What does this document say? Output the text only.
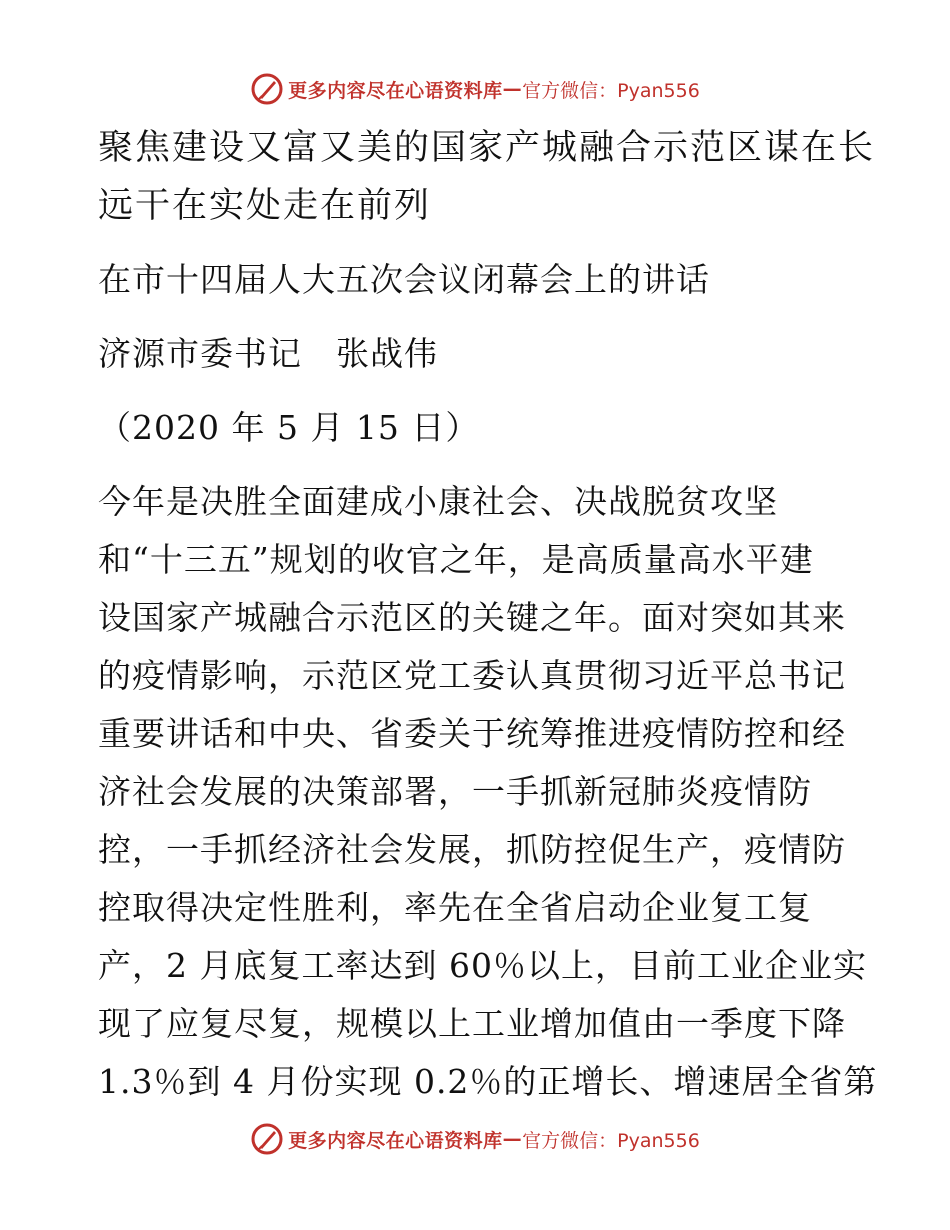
更多内容尽在心语资料库 — 官方微信：Pyan556
聚焦建设又富又美的国家产城融合示范区谋在长
远干在实处走在前列
在市十四届人大五次会议闭幕会上的讲话
济源市委书记　张战伟
（2020 年 5 月 15 日）
今年是决胜全面建成小康社会、决战脱贫攻坚
和“十三五”规划的收官之年，是高质量高水平建
设国家产城融合示范区的关键之年。面对突如其来
的疫情影响，示范区党工委认真贯彻习近平总书记
重要讲话和中央、省委关于统筹推进疫情防控和经
济社会发展的决策部署，一手抓新冠肺炎疫情防
控，一手抓经济社会发展，抓防控促生产，疫情防
控取得决定性胜利，率先在全省启动企业复工复
产，2 月底复工率达到 60％以上，目前工业企业实
现了应复尽复，规模以上工业增加值由一季度下降
1.3％到 4 月份实现 0.2％的正增长、增速居全省第
更多内容尽在心语资料库 — 官方微信：Pyan556
